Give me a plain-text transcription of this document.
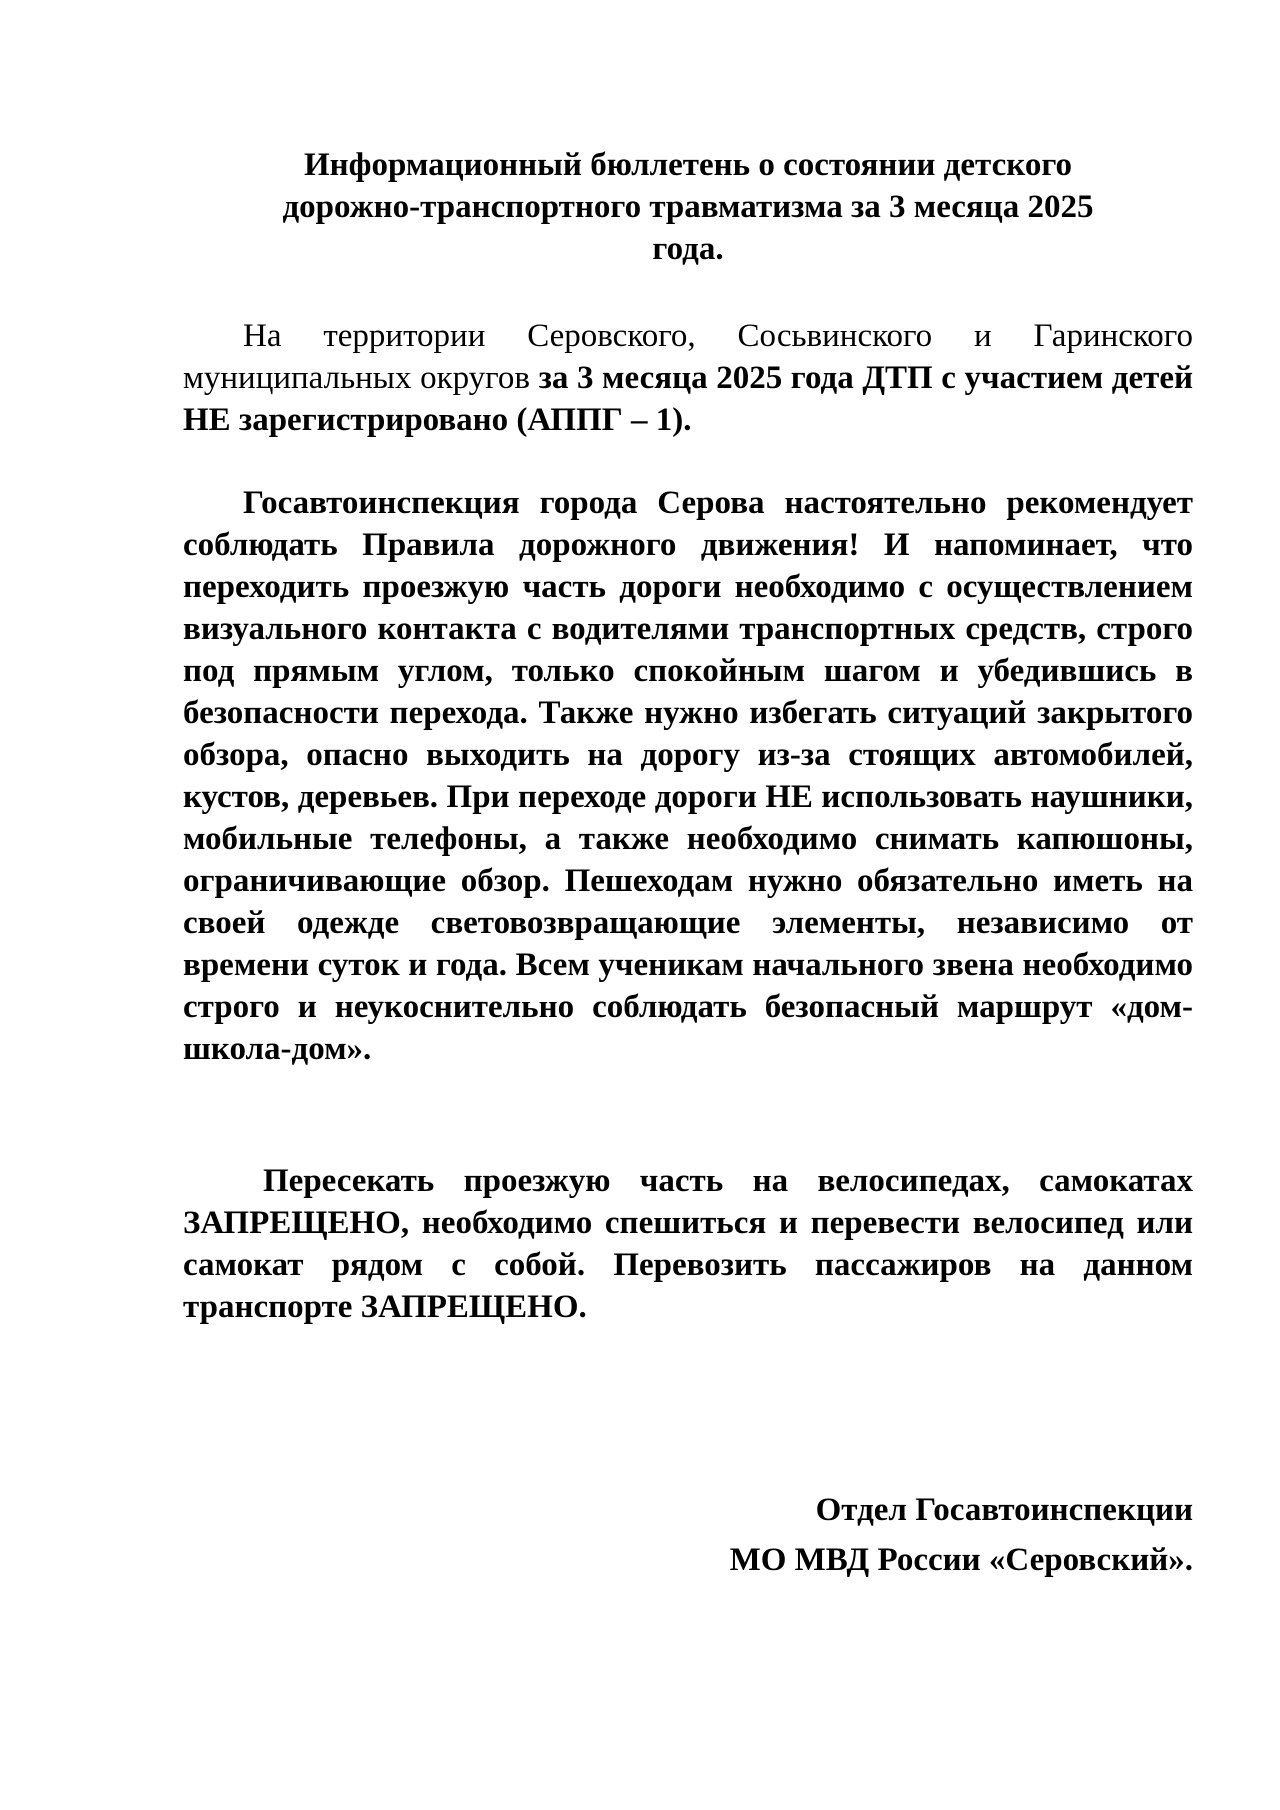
Информационный бюллетень о состоянии детского
дорожно-транспортного травматизма за 3 месяца 2025
года.
На территории Серовского, Сосьвинского и Гаринского муниципальных округов за 3 месяца 2025 года ДТП с участием детей НЕ зарегистрировано (АППГ – 1).
Госавтоинспекция города Серова настоятельно рекомендует соблюдать Правила дорожного движения! И напоминает, что переходить проезжую часть дороги необходимо с осуществлением визуального контакта с водителями транспортных средств, строго под прямым углом, только спокойным шагом и убедившись в безопасности перехода. Также нужно избегать ситуаций закрытого обзора, опасно выходить на дорогу из-за стоящих автомобилей, кустов, деревьев. При переходе дороги НЕ использовать наушники, мобильные телефоны, а также необходимо снимать капюшоны, ограничивающие обзор. Пешеходам нужно обязательно иметь на своей одежде световозвращающие элементы, независимо от времени суток и года. Всем ученикам начального звена необходимо строго и неукоснительно соблюдать безопасный маршрут «дом-школа-дом».
Пересекать проезжую часть на велосипедах, самокатах ЗАПРЕЩЕНО, необходимо спешиться и перевести велосипед или самокат рядом с собой. Перевозить пассажиров на данном транспорте ЗАПРЕЩЕНО.
Отдел Госавтоинспекции
МО МВД России «Серовский».
